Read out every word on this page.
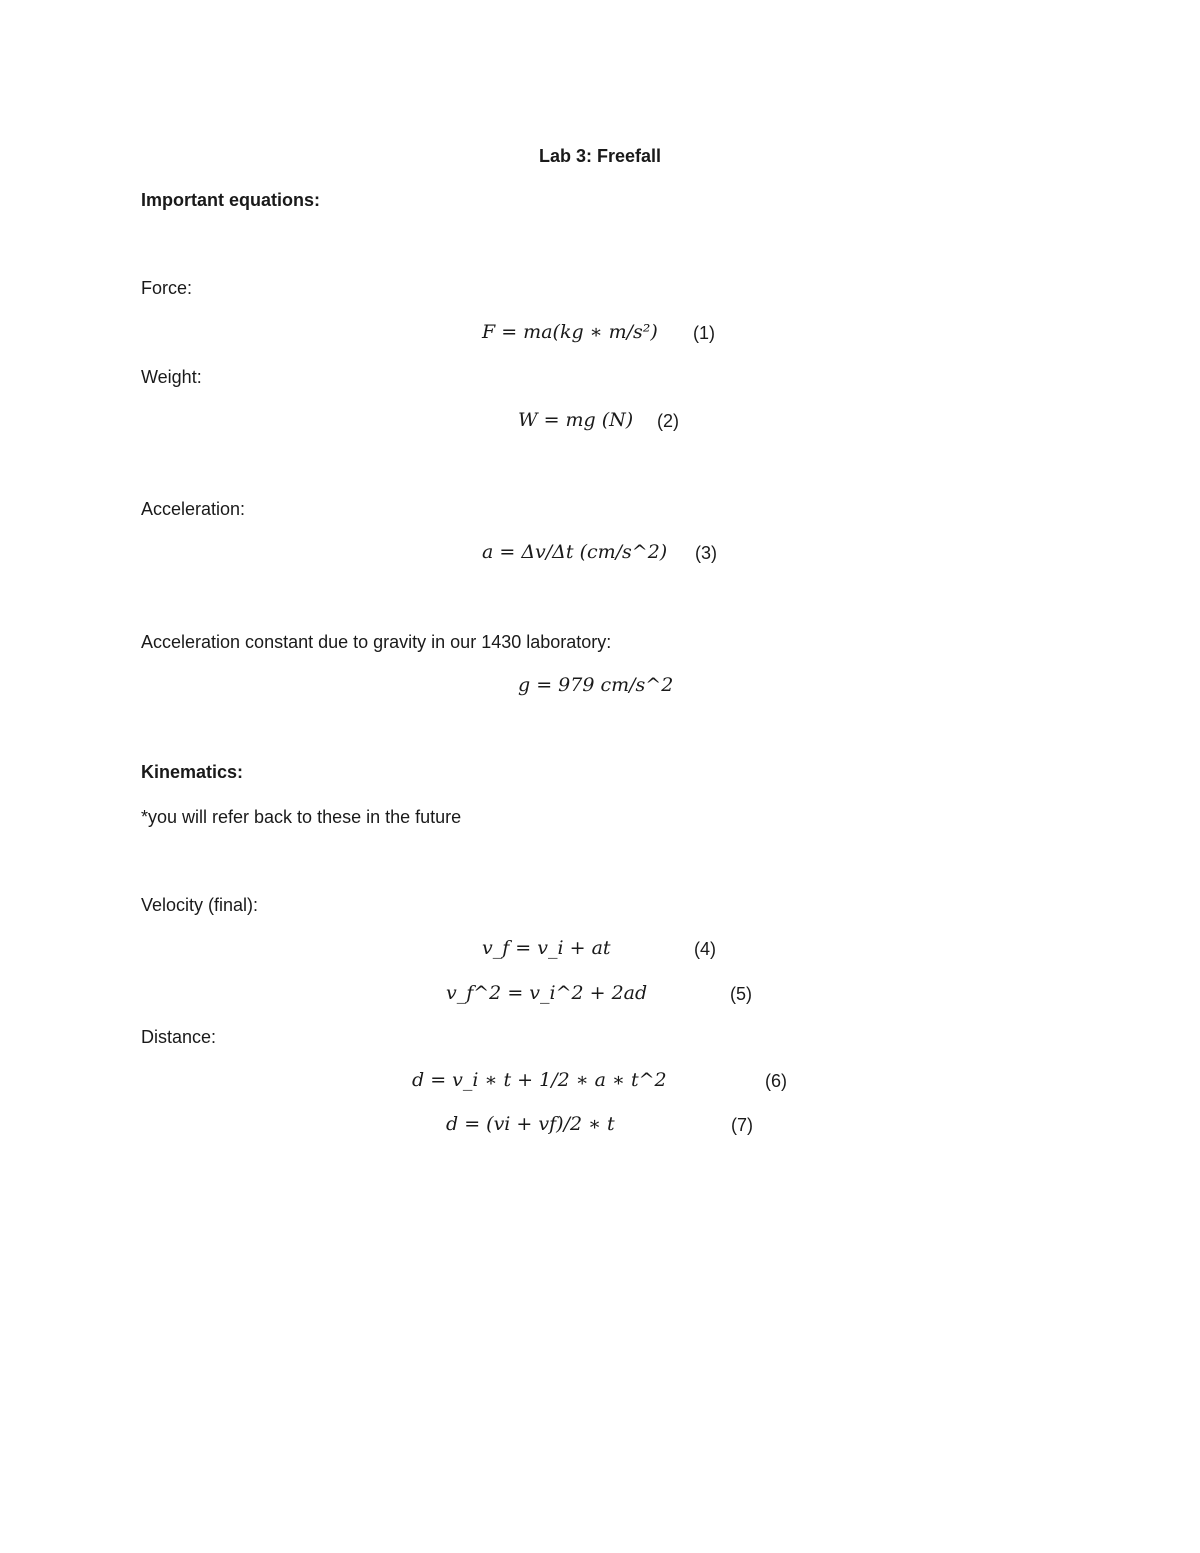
Lab 3: Freefall
Important equations:
Force:
F = ma(kg ∗ m/s²) (1)
Weight:
W = mg (N) (2)
Acceleration:
a = Δv/Δt (cm/s^2) (3)
Acceleration constant due to gravity in our 1430 laboratory:
g = 979 cm/s^2
Kinematics:
*you will refer back to these in the future
Velocity (final):
v_f = v_i + at	(4)
v_f^2 = v_i^2 + 2ad	(5)
Distance:
d = v_i ∗ t + 1/2 ∗ a ∗ t^2	(6)
d = (vi + vf)/2 ∗ t	(7)
